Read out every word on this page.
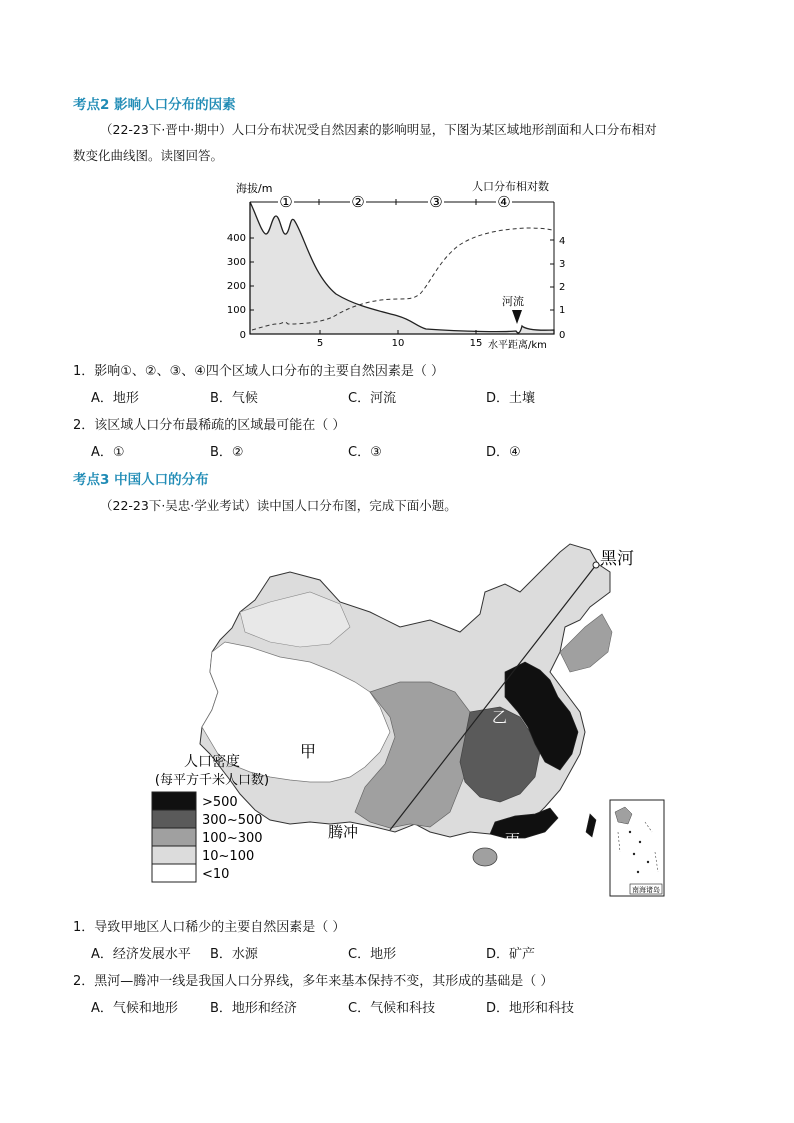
考点2 影响人口分布的因素
（22-23下·晋中·期中）人口分布状况受自然因素的影响明显，下图为某区域地形剖面和人口分布相对
数变化曲线图。读图回答。
海拔/m	人口分布相对数
水平距离/km
0
100
200
300
400
0
1
2
3
4
5	10	15
①	②	③	④
河流
1．影响①、②、③、④四个区域人口分布的主要自然因素是（ ）
A．地形	B．气候	C．河流	D．土壤
2．该区域人口分布最稀疏的区域最可能在（ ）
A．①	B．②	C．③	D．④
考点3 中国人口的分布
（22-23下·吴忠·学业考试）读中国人口分布图，完成下面小题。
黑河
腾冲
甲
乙
丙
人口密度
(每平方千米人口数)
>500
300~500
100~300
10~100
<10
南海诸岛
1．导致甲地区人口稀少的主要自然因素是（ ）
A．经济发展水平 B．水源	C．地形	D．矿产
2．黑河—腾冲一线是我国人口分界线，多年来基本保持不变，其形成的基础是（ ）
A．气候和地形 B．地形和经济	C．气候和科技	D．地形和科技
